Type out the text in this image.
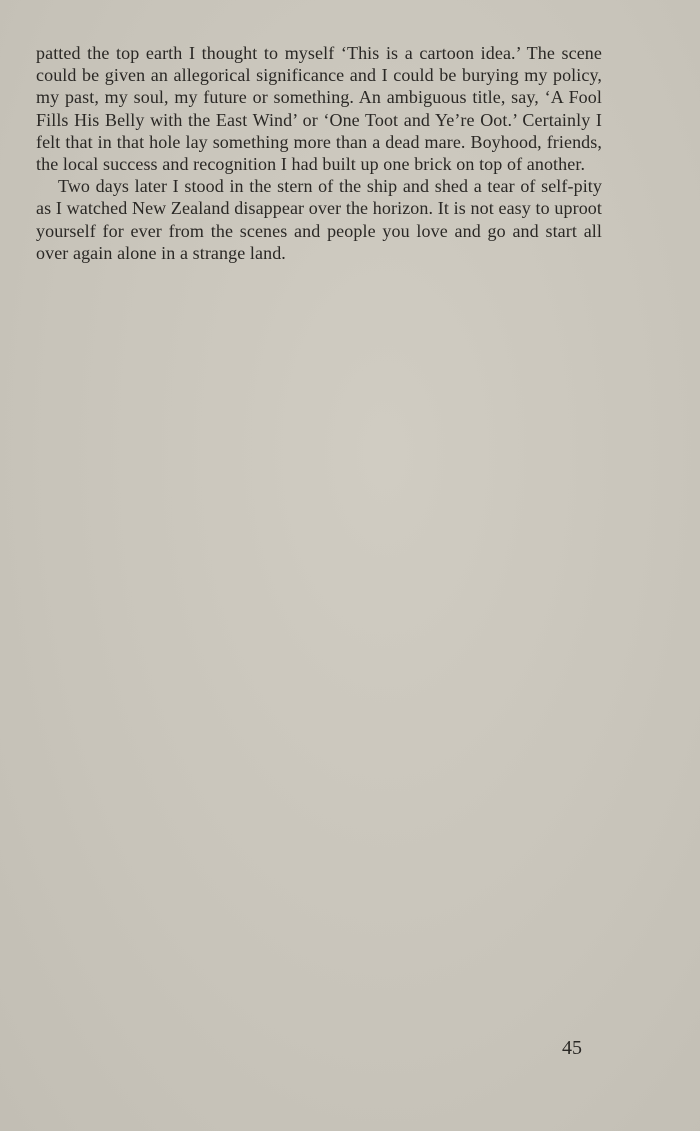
patted the top earth I thought to myself ‘This is a cartoon idea.’ The scene could be given an allegorical significance and I could be burying my policy, my past, my soul, my future or something. An ambiguous title, say, ‘A Fool Fills His Belly with the East Wind’ or ‘One Toot and Ye’re Oot.’ Certainly I felt that in that hole lay something more than a dead mare. Boyhood, friends, the local success and recognition I had built up one brick on top of another.

Two days later I stood in the stern of the ship and shed a tear of self-pity as I watched New Zealand disappear over the horizon. It is not easy to uproot yourself for ever from the scenes and people you love and go and start all over again alone in a strange land.

45
